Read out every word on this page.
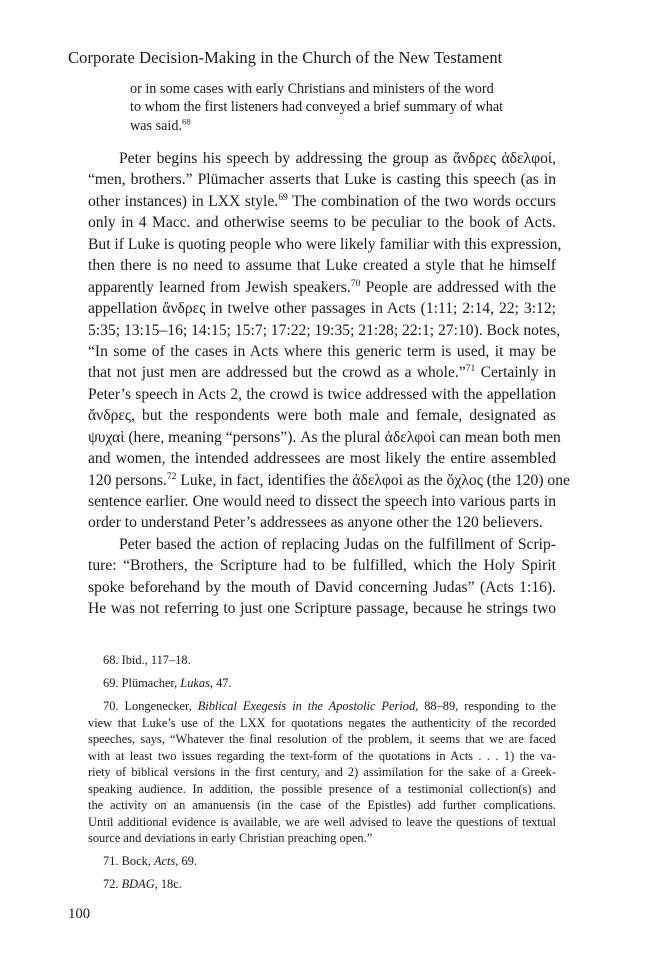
Corporate Decision-Making in the Church of the New Testament
or in some cases with early Christians and ministers of the word
to whom the first listeners had conveyed a brief summary of what
was said.$^{68}$
Peter begins his speech by addressing the group as ἄνδρες ἀδελφοί,
“men, brothers.” Plümacher asserts that Luke is casting this speech (as in
other instances) in LXX style.$^{69}$ The combination of the two words occurs
only in 4 Macc. and otherwise seems to be peculiar to the book of Acts.
But if Luke is quoting people who were likely familiar with this expression,
then there is no need to assume that Luke created a style that he himself
apparently learned from Jewish speakers.$^{70}$ People are addressed with the
appellation ἄνδρες in twelve other passages in Acts (1:11; 2:14, 22; 3:12;
5:35; 13:15–16; 14:15; 15:7; 17:22; 19:35; 21:28; 22:1; 27:10). Bock notes,
“In some of the cases in Acts where this generic term is used, it may be
that not just men are addressed but the crowd as a whole.”$^{71}$ Certainly in
Peter’s speech in Acts 2, the crowd is twice addressed with the appellation
ἄνδρες, but the respondents were both male and female, designated as
ψυχαὶ (here, meaning “persons”). As the plural ἀδελφοὶ can mean both men
and women, the intended addressees are most likely the entire assembled
120 persons.$^{72}$ Luke, in fact, identifies the ἀδελφοὶ as the ὄχλος (the 120) one
sentence earlier. One would need to dissect the speech into various parts in
order to understand Peter’s addressees as anyone other the 120 believers.
Peter based the action of replacing Judas on the fulfillment of Scrip-
ture: “Brothers, the Scripture had to be fulfilled, which the Holy Spirit
spoke beforehand by the mouth of David concerning Judas” (Acts 1:16).
He was not referring to just one Scripture passage, because he strings two
68. Ibid., 117–18.
69. Plümacher, Lukas, 47.
70. Longenecker, Biblical Exegesis in the Apostolic Period, 88–89, responding to the
view that Luke’s use of the LXX for quotations negates the authenticity of the recorded
speeches, says, “Whatever the final resolution of the problem, it seems that we are faced
with at least two issues regarding the text-form of the quotations in Acts . . . 1) the va-
riety of biblical versions in the first century, and 2) assimilation for the sake of a Greek-
speaking audience. In addition, the possible presence of a testimonial collection(s) and
the activity on an amanuensis (in the case of the Epistles) add further complications.
Until additional evidence is available, we are well advised to leave the questions of textual
source and deviations in early Christian preaching open.”
71. Bock, Acts, 69.
72. BDAG, 18c.
100
